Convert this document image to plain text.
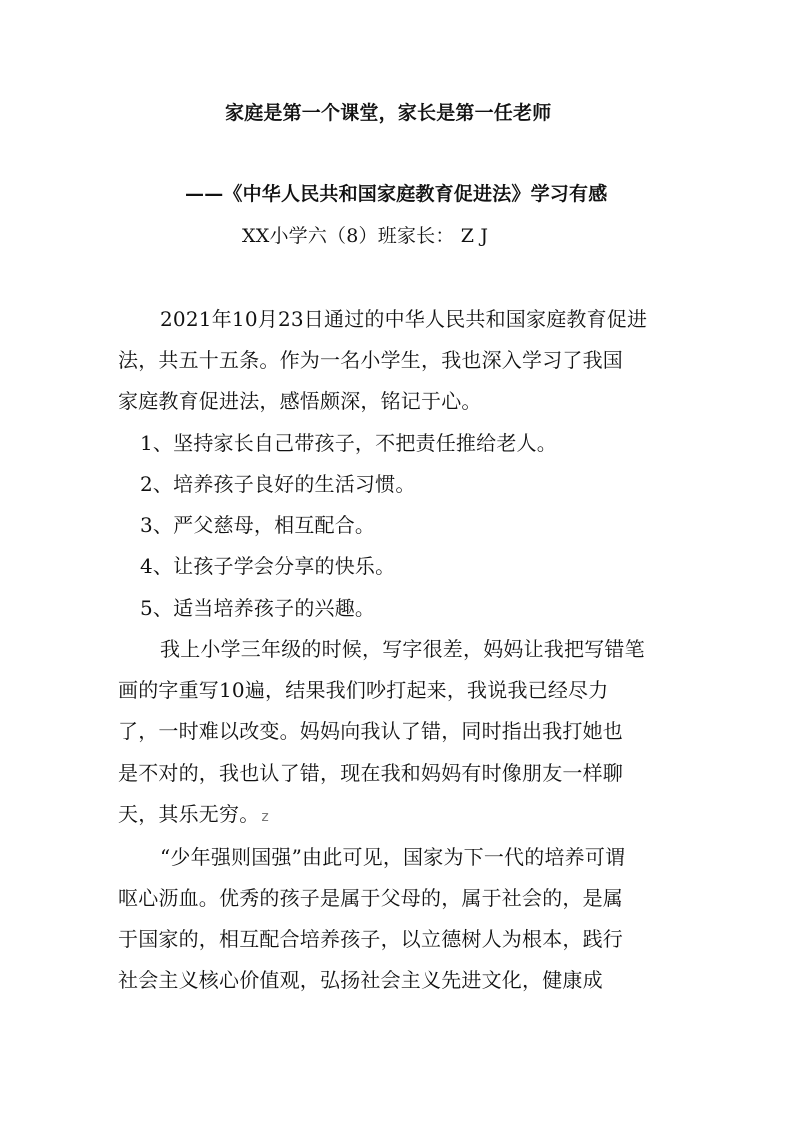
家庭是第一个课堂，家长是第一任老师
——《中华人民共和国家庭教育促进法》学习有感
XX小学六（8）班家长： Z J
2021年10月23日通过的中华人民共和国家庭教育促进
法，共五十五条。作为一名小学生，我也深入学习了我国
家庭教育促进法，感悟颇深，铭记于心。
1、坚持家长自己带孩子，不把责任推给老人。
2、培养孩子良好的生活习惯。
3、严父慈母，相互配合。
4、让孩子学会分享的快乐。
5、适当培养孩子的兴趣。
我上小学三年级的时候，写字很差，妈妈让我把写错笔
画的字重写10遍，结果我们吵打起来，我说我已经尽力
了，一时难以改变。妈妈向我认了错，同时指出我打她也
是不对的，我也认了错，现在我和妈妈有时像朋友一样聊
天，其乐无穷。 z
“少年强则国强”由此可见，国家为下一代的培养可谓
呕心沥血。优秀的孩子是属于父母的，属于社会的，是属
于国家的，相互配合培养孩子，以立德树人为根本，践行
社会主义核心价值观，弘扬社会主义先进文化，健康成
